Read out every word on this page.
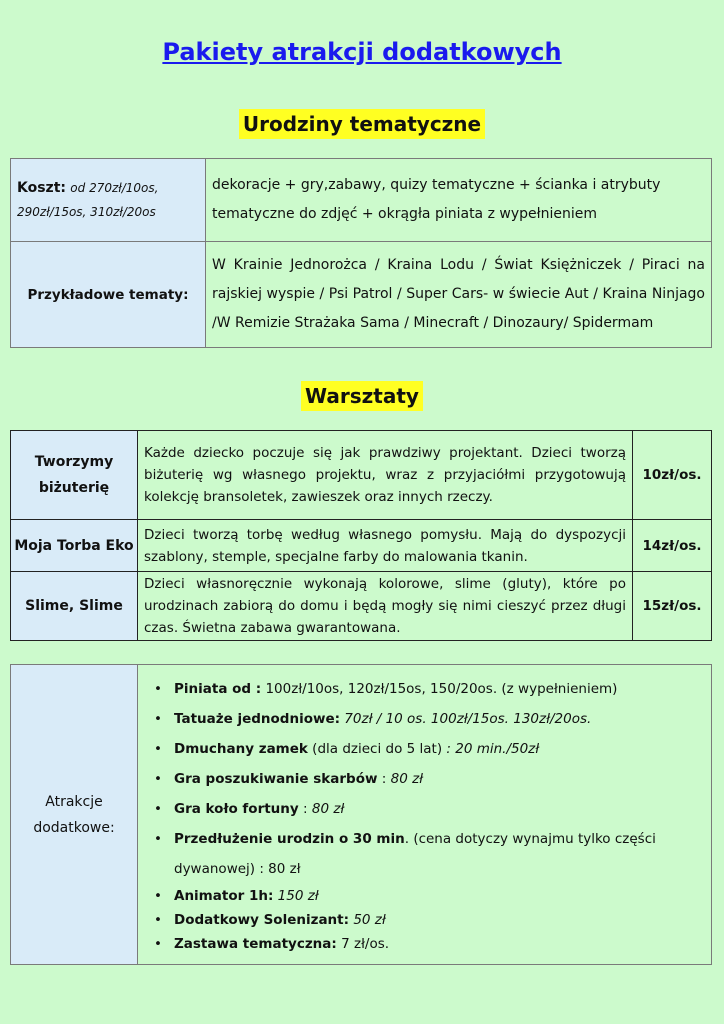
Pakiety atrakcji dodatkowych
Urodziny tematyczne
Koszt: od 270zł/10os, 290zł/15os, 310zł/20os	dekoracje + gry,zabawy, quizy tematyczne + ścianka i atrybuty tematyczne do zdjęć + okrągła piniata z wypełnieniem
Przykładowe tematy:	W Krainie Jednorożca / Kraina Lodu / Świat Księżniczek / Piraci na rajskiej wyspie / Psi Patrol / Super Cars- w świecie Aut / Kraina Ninjago /W Remizie Strażaka Sama / Minecraft / Dinozaury/ Spidermam
Warsztaty
Tworzymy biżuterię	Każde dziecko poczuje się jak prawdziwy projektant. Dzieci tworzą biżuterię wg własnego projektu, wraz z przyjaciółmi przygotowują kolekcję bransoletek, zawieszek oraz innych rzeczy.	10zł/os.
Moja Torba Eko	Dzieci tworzą torbę według własnego pomysłu. Mają do dyspozycji szablony, stemple, specjalne farby do malowania tkanin.	14zł/os.
Slime, Slime	Dzieci własnoręcznie wykonają kolorowe, slime (gluty), które po urodzinach zabiorą do domu i będą mogły się nimi cieszyć przez długi czas. Świetna zabawa gwarantowana.	15zł/os.
Atrakcje dodatkowe:	
• Piniata od : 100zł/10os, 120zł/15os, 150/20os. (z wypełnieniem)
• Tatuaże jednodniowe: 70zł / 10 os. 100zł/15os. 130zł/20os.
• Dmuchany zamek (dla dzieci do 5 lat) : 20 min./50zł
• Gra poszukiwanie skarbów : 80 zł
• Gra koło fortuny : 80 zł
• Przedłużenie urodzin o 30 min. (cena dotyczy wynajmu tylko części dywanowej) : 80 zł
• Animator 1h: 150 zł
• Dodatkowy Solenizant: 50 zł
• Zastawa tematyczna: 7 zł/os.
